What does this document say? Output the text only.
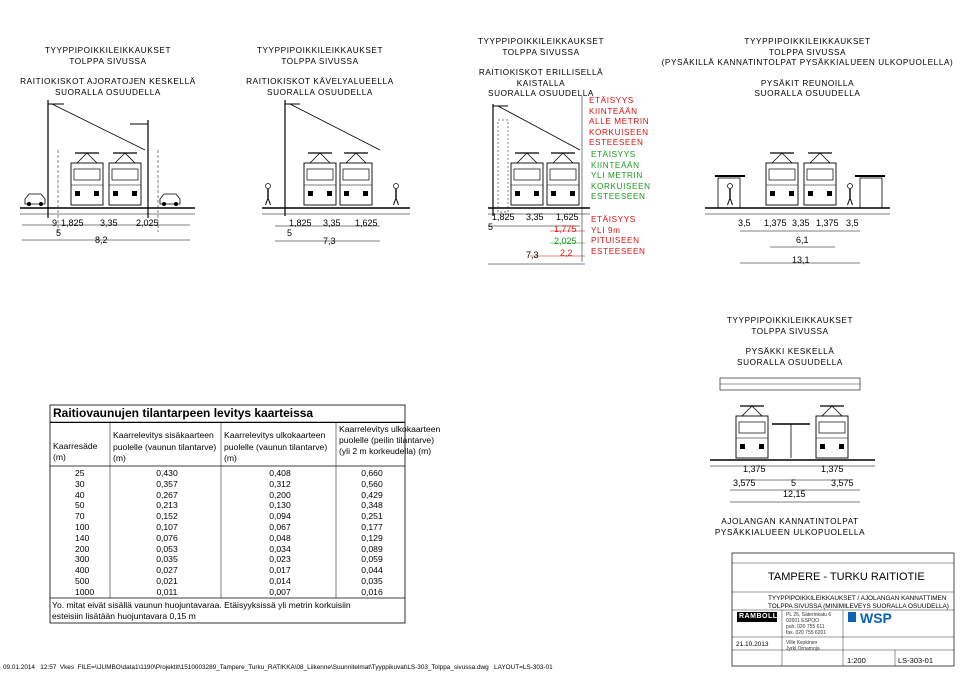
TYYPPIPOIKKILEIKKAUKSET
TOLPPA SIVUSSA
RAITIOKISKOT AJORATOJEN KESKELLÄ
SUORALLA OSUUDELLA
TYYPPIPOIKKILEIKKAUKSET
TOLPPA SIVUSSA
RAITIOKISKOT KÄVELYALUEELLA
SUORALLA OSUUDELLA
TYYPPIPOIKKILEIKKAUKSET
TOLPPA SIVUSSA
RAITIOKISKOT ERILLISELLÄ
KAISTALLA
SUORALLA OSUUDELLA
TYYPPIPOIKKILEIKKAUKSET
TOLPPA SIVUSSA
(PYSÄKILLÄ KANNATINTOLPAT PYSÄKKIALUEEN ULKOPUOLELLA)
PYSÄKIT REUNOILLA
SUORALLA OSUUDELLA
TYYPPIPOIKKILEIKKAUKSET
TOLPPA SIVUSSA
PYSÄKKI KESKELLÄ
SUORALLA OSUUDELLA
AJOLANGAN KANNATINTOLPAT
PYSÄKKIALUEEN ULKOPUOLELLA
ETÄISYYS
KIINTEÄÄN
ALLE METRIN
KORKUISEEN
ESTEESEEN
ETÄISYYS
KIINTEÄÄN
YLI METRIN
KORKUISEEN
ESTEESEEN
ETÄISYYS
YLI 9m
PITUISEEN
ESTEESEEN
9 1,825 3,35 2,025
5
8,2
1,825 3,35 1,625
5
7,3
1,825 3,35 1,625
5	1,775
2,025
2,2
7,3
3,5 1,375 3,35 1,375 3,5
6,1
13,1
1,375	1,375
3,575	5	3,575
12,15
Raitiovaunujen tilantarpeen levitys kaarteissa
Kaarresäde (m)
Kaarrelevitys sisäkaarteen puolelle (vaunun tilantarve) (m)
Kaarrelevitys ulkokaarteen puolelle (vaunun tilantarve) (m)
Kaarrelevitys ulkokaarteen puolelle (peilin tilantarve) (yli 2 m korkeudella) (m)
25	0,430	0,408	0,660
30	0,357	0,312	0,560
40	0,267	0,200	0,429
50	0,213	0,130	0,348
70	0,152	0,094	0,251
100	0,107	0,067	0,177
140	0,076	0,048	0,129
200	0,053	0,034	0,089
300	0,035	0,023	0,059
400	0,027	0,017	0,044
500	0,021	0,014	0,035
1000	0,011	0,007	0,016
Yo. mitat eivät sisällä vaunun huojuntavaraa. Etäisyyksissä yli metrin korkuisiin
esteisiin lisätään huojuntavara 0,15 m
TAMPERE - TURKU RAITIOTIE
TYYPPIPOIKKILEIKKAUKSET / AJOLANGAN KANNATTIMEN
TOLPPA SIVUSSA (MINIMILEVEYS SUORALLA OSUUDELLA)
RAMBOLL	WSP
PL 25, Säterinkatu 6
02601 ESPOO
puh. 020 755 611
fax. 020 755 6201
21.10.2013	Ville Keskinen
Jyrki Ornamoja
1:200	LS-303-01
09.01.2014   12:57  Vkes  FILE=\\JUMBO\data1\1190\Projektit\1510003289_Tampere_Turku_RATIKKA\08_Liikenne\Suunnitelmat\Tyyppikuvat\LS-303_Tolppa_sivussa.dwg   LAYOUT=LS-303-01
